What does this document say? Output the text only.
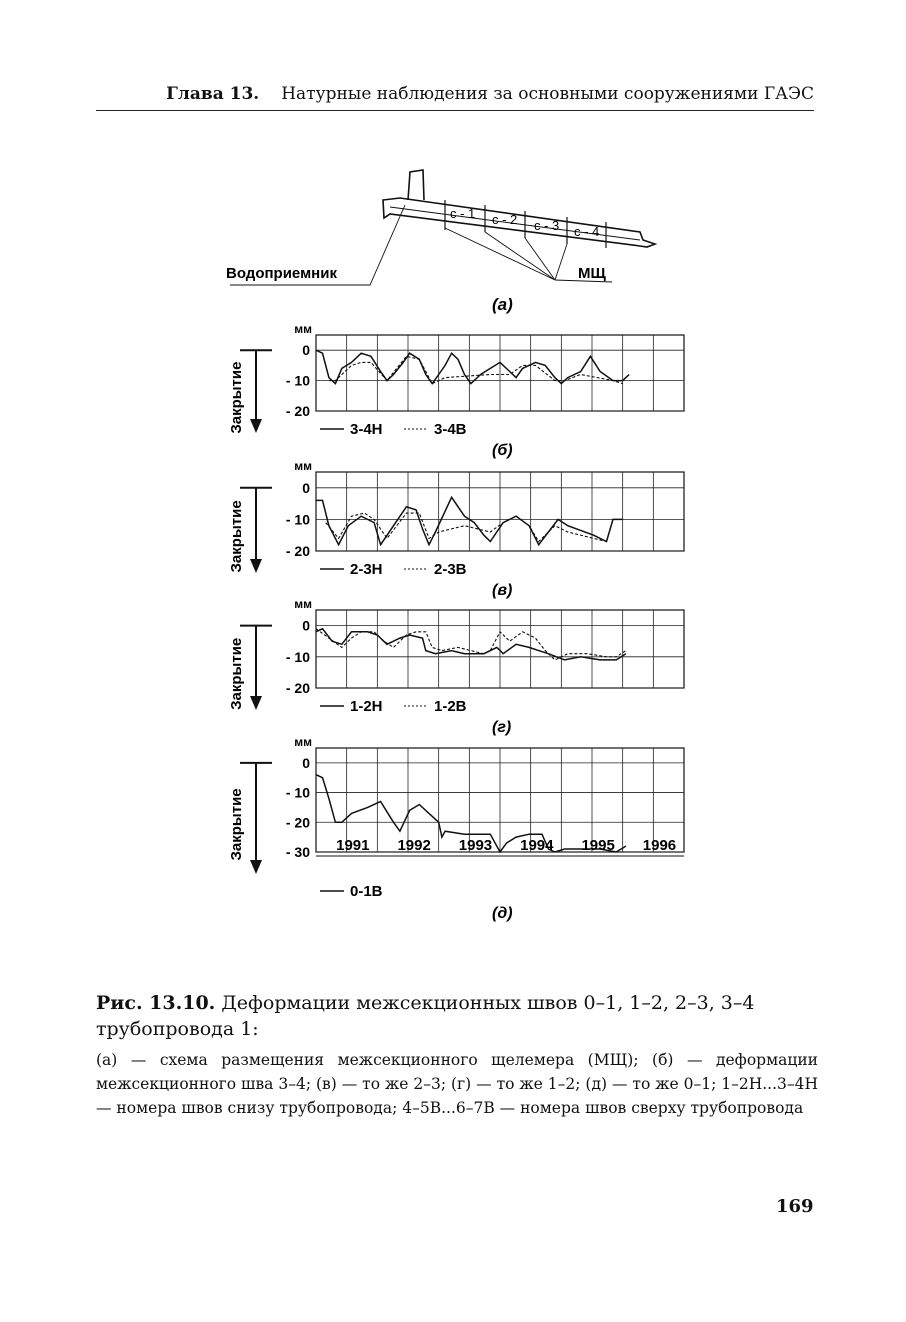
Глава 13. Натурные наблюдения за основными сооружениями ГАЭС
с - 1 с - 2 с - 3 с - 4
Водоприемник	МЩ
(а)
0
- 10
- 20
мм
Закрытие	3-4Н	3-4В
(б)
0
- 10
- 20
мм
Закрытие	2-3Н	2-3В
(в)
0
- 10
- 20
мм
Закрытие	1-2Н	1-2В
(г)
0
- 10
- 20
- 30
мм
Закрытие	1991 1992 1993 1994 1995 1996
0-1В
(д)
Рис. 13.10. Деформации межсекционных швов 0–1, 1–2, 2–3, 3–4 трубопровода 1:
(а) — схема размещения межсекционного щелемера (МЩ); (б) — деформации межсекционного шва 3–4; (в) — то же 2–3; (г) — то же 1–2; (д) — то же 0–1; 1–2Н...3–4Н — номера швов снизу трубопровода; 4–5В...6–7В — номера швов сверху трубопровода
169
